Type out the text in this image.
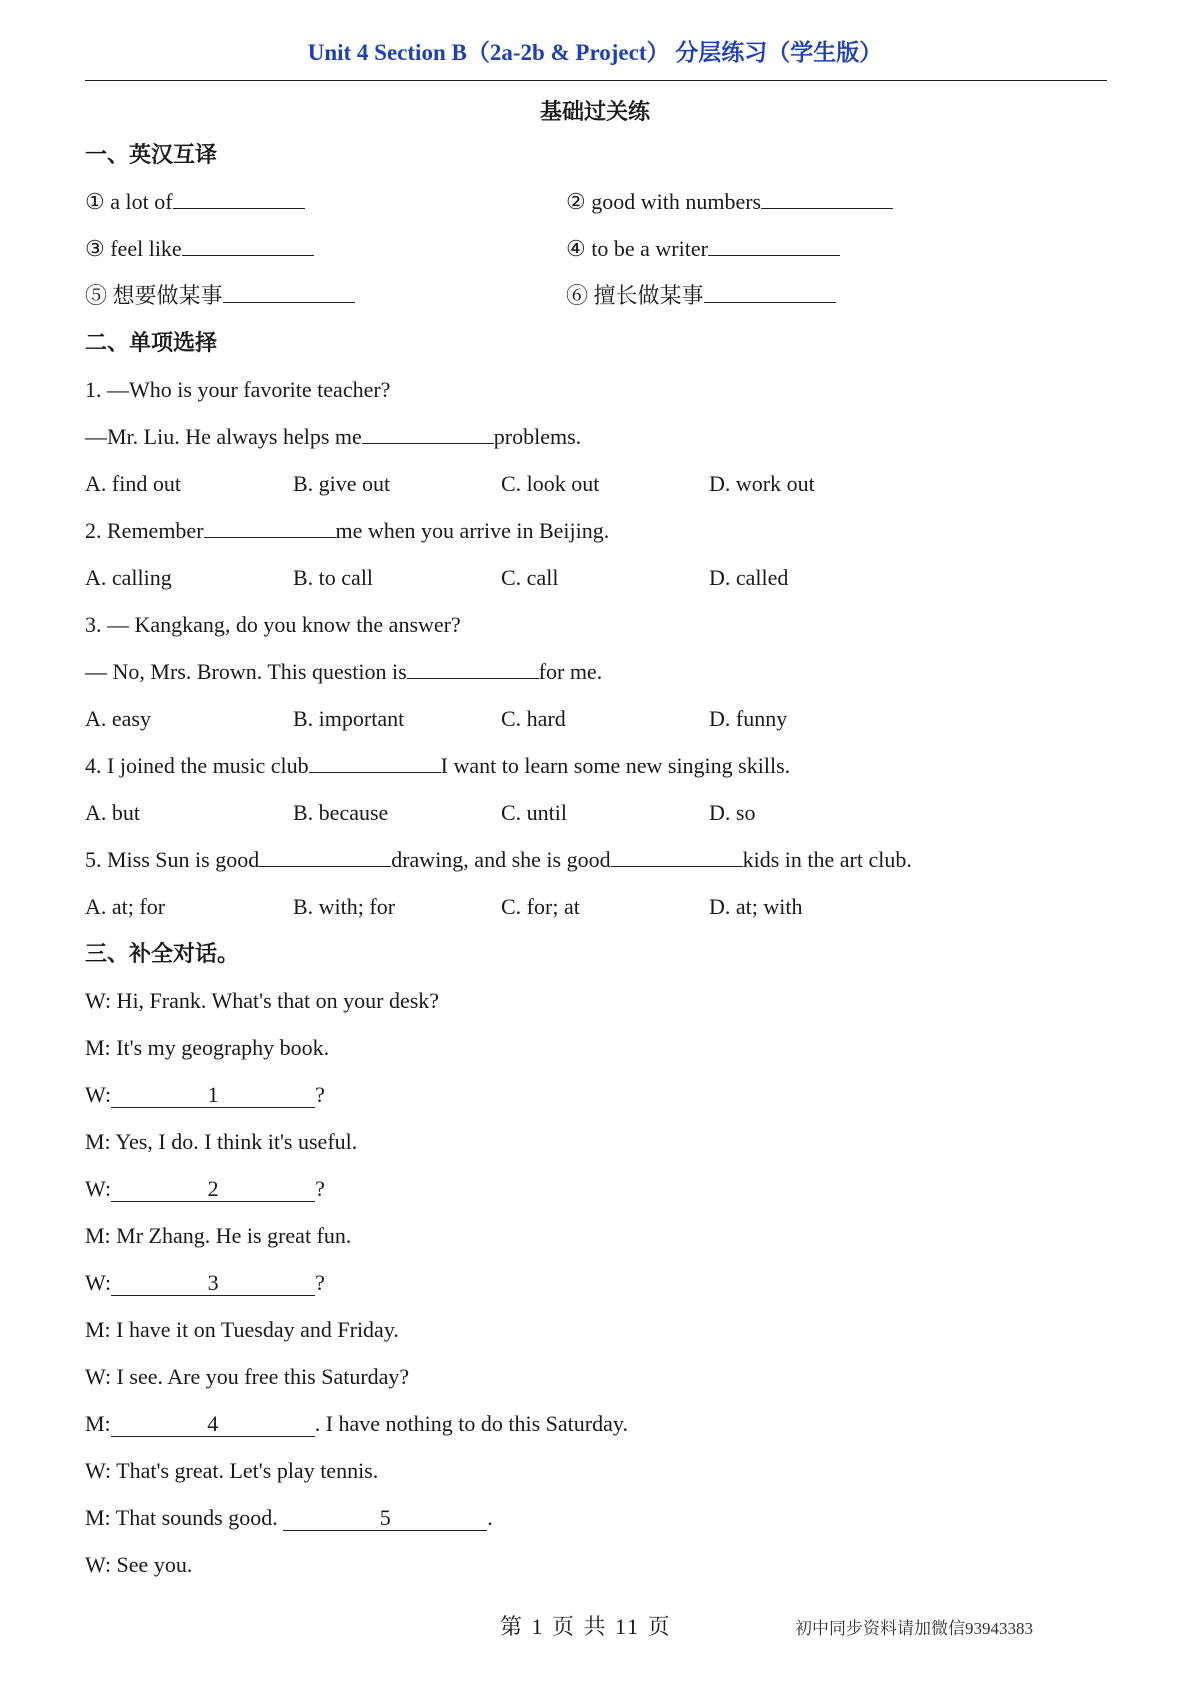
Unit 4 Section B（2a-2b & Project） 分层练习（学生版）
基础过关练
一、英汉互译
① a lot of	② good with numbers
③ feel like	④ to be a writer
⑤ 想要做某事	⑥ 擅长做某事
二、单项选择
1. —Who is your favorite teacher?
—Mr. Liu. He always helps me	problems.
A. find out	B. give out	C. look out	D. work out
2. Remember	me when you arrive in Beijing.
A. calling	B. to call	C. call	D. called
3. — Kangkang, do you know the answer?
— No, Mrs. Brown. This question is	for me.
A. easy	B. important	C. hard	D. funny
4. I joined the music club	I want to learn some new singing skills.
A. but	B. because	C. until	D. so
5. Miss Sun is good	drawing, and she is good	kids in the art club.
A. at; for	B. with; for	C. for; at	D. at; with
三、补全对话。
W: Hi, Frank. What's that on your desk?
M: It's my geography book.
W:	1	?
M: Yes, I do. I think it's useful.
W:	2	?
M: Mr Zhang. He is great fun.
W:	3	?
M: I have it on Tuesday and Friday.
W: I see. Are you free this Saturday?
M:	4	. I have nothing to do this Saturday.
W: That's great. Let's play tennis.
M: That sounds good.	5	.
W: See you.
第 1 页 共 11 页	初中同步资料请加微信93943383
